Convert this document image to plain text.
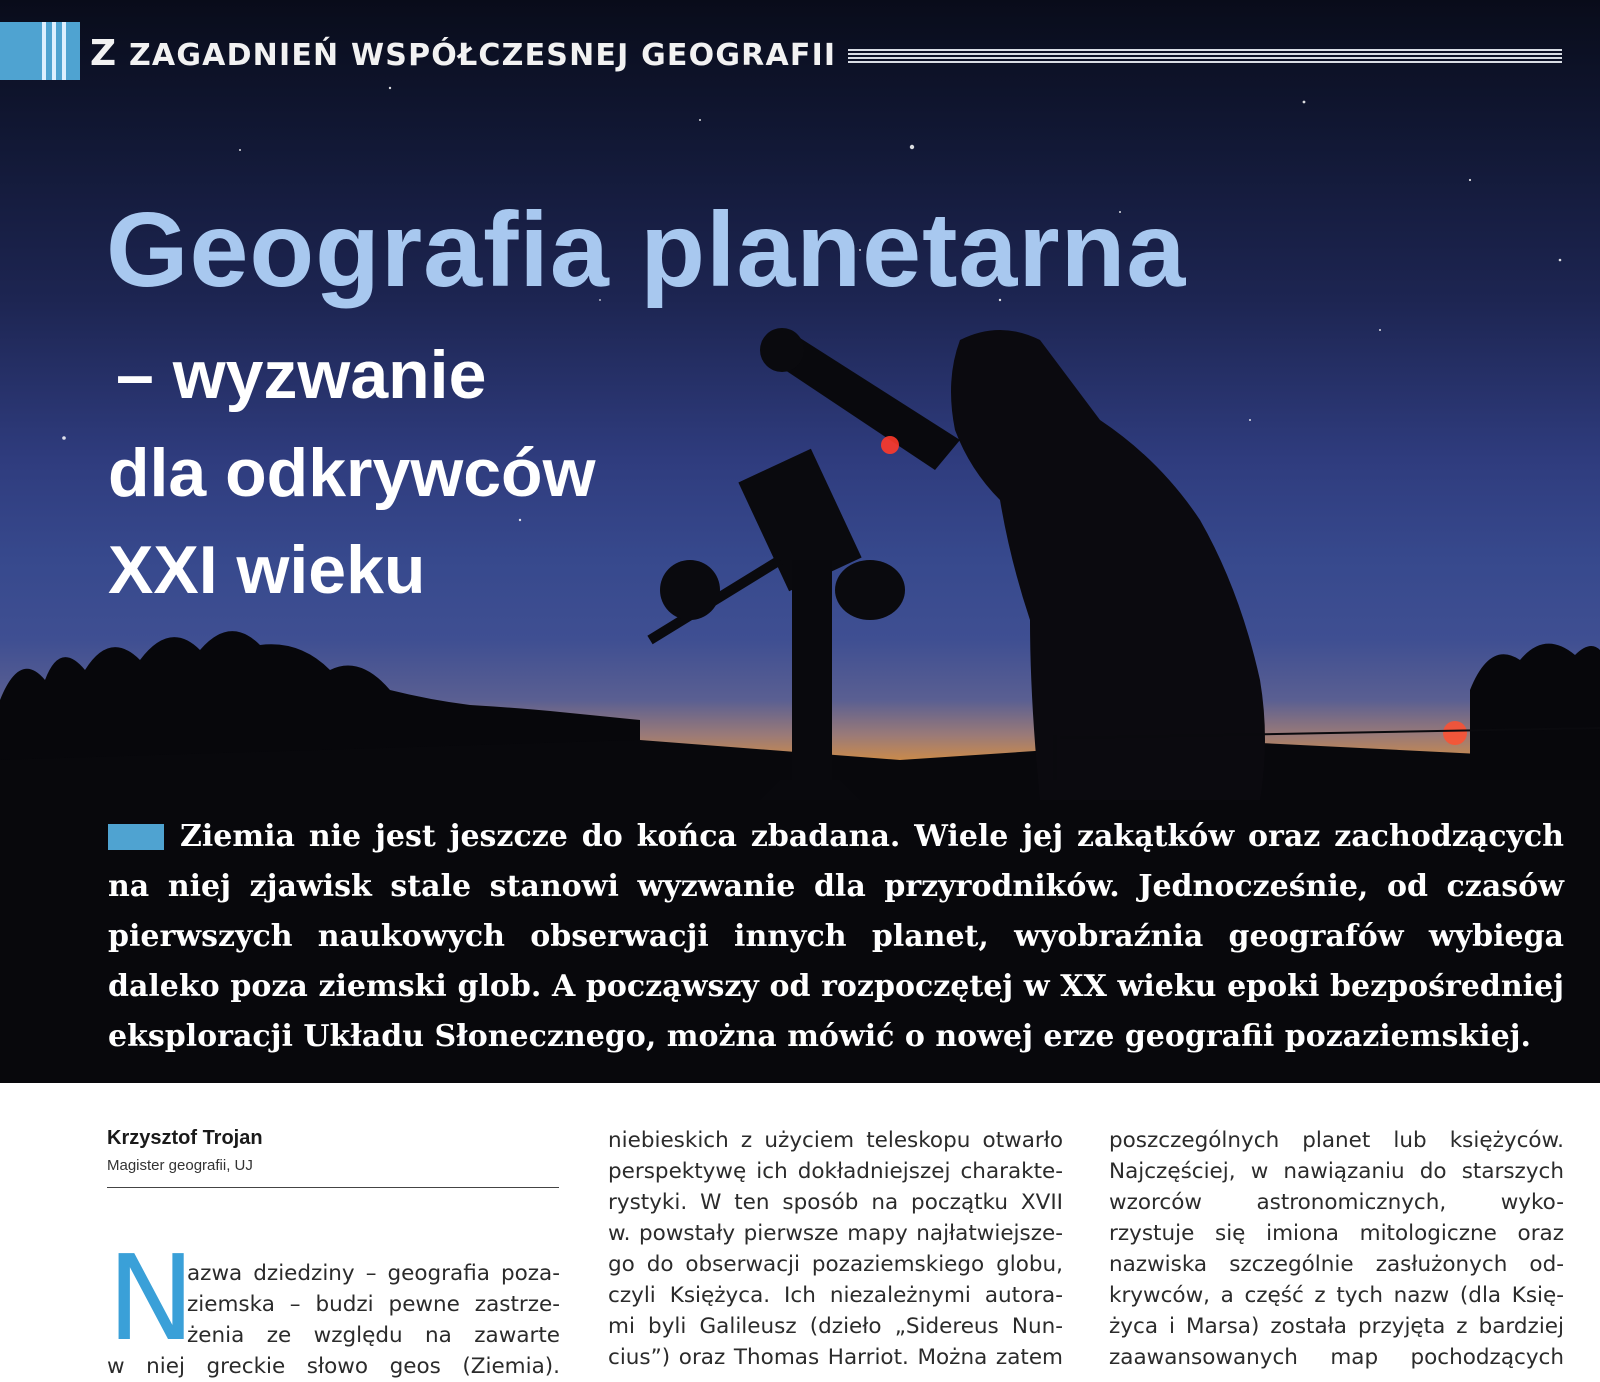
Z ZAGADNIEŃ WSPÓŁCZESNEJ GEOGRAFII
Geografia planetarna
– wyzwanie
dla odkrywców
XXI wieku
Ziemia nie jest jeszcze do końca zbadana. Wiele jej zakątków oraz zachodzących na niej zjawisk stale stanowi wyzwanie dla przyrodników. Jednocześnie, od czasów pierwszych naukowych obserwacji innych planet, wyobraźnia geografów wybiega daleko poza ziemski glob. A począwszy od rozpoczętej w XX wieku epoki bezpośredniej eksploracji Układu Słonecznego, można mówić o nowej erze geografii pozaziemskiej.
Krzysztof Trojan
Magister geografii, UJ
N
azwa dziedziny – geografia poza-
ziemska – budzi pewne zastrze-
żenia ze względu na zawarte
w niej greckie słowo geos (Ziemia).
niebieskich z użyciem teleskopu otwarło
perspektywę ich dokładniejszej charakte-
rystyki. W ten sposób na początku XVII
w. powstały pierwsze mapy najłatwiejsze-
go do obserwacji pozaziemskiego globu,
czyli Księżyca. Ich niezależnymi autora-
mi byli Galileusz (dzieło „Sidereus Nun-
cius”) oraz Thomas Harriot. Można zatem
poszczególnych planet lub księżyców.
Najczęściej, w nawiązaniu do starszych
wzorców astronomicznych, wyko-
rzystuje się imiona mitologiczne oraz
nazwiska szczególnie zasłużonych od-
krywców, a część z tych nazw (dla Księ-
życa i Marsa) została przyjęta z bardziej
zaawansowanych map pochodzących
